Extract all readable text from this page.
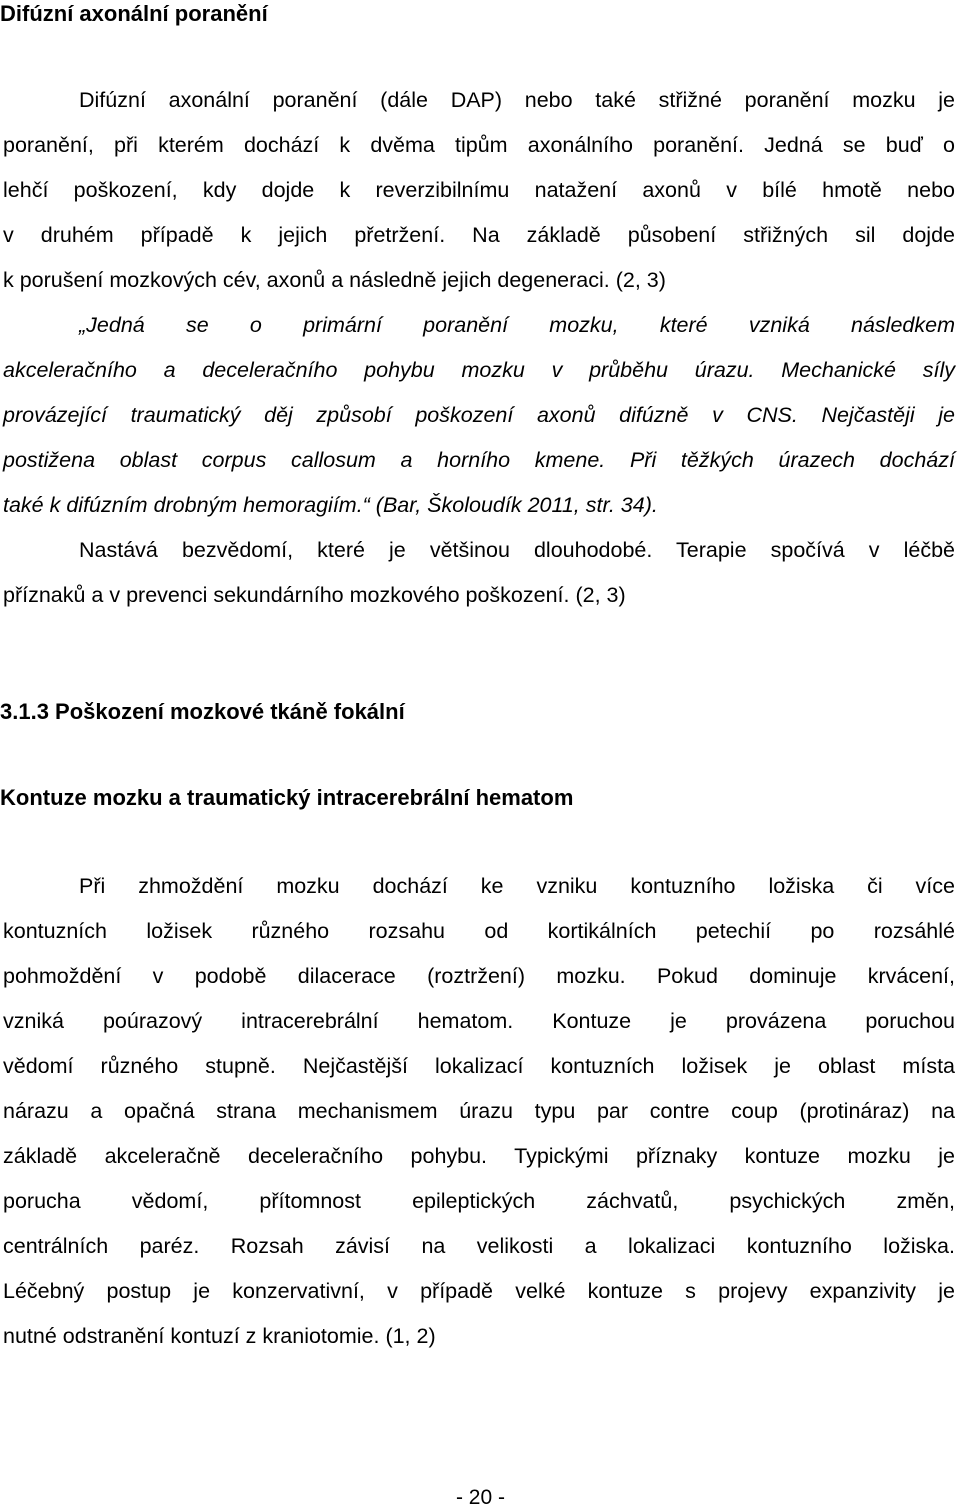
Difúzní axonální poranění
Difúzní axonální poranění (dále DAP) nebo také střižné poranění mozku je
poranění, při kterém dochází k dvěma tipům axonálního poranění. Jedná se buď o
lehčí poškození, kdy dojde k reverzibilnímu natažení axonů v bílé hmotě nebo
v druhém případě k jejich přetržení. Na základě působení střižných sil dojde
k porušení mozkových cév, axonů a následně jejich degeneraci. (2, 3)
„Jedná se o primární poranění mozku, které vzniká následkem
akceleračního a deceleračního pohybu mozku v průběhu úrazu. Mechanické síly
provázející traumatický děj způsobí poškození axonů difúzně v CNS. Nejčastěji je
postižena oblast corpus callosum a horního kmene. Při těžkých úrazech dochází
také k difúzním drobným hemoragiím.“ (Bar, Školoudík 2011, str. 34).
Nastává bezvědomí, které je většinou dlouhodobé. Terapie spočívá v léčbě
příznaků a v prevenci sekundárního mozkového poškození. (2, 3)
3.1.3 Poškození mozkové tkáně fokální
Kontuze mozku a traumatický intracerebrální hematom
Při zhmoždění mozku dochází ke vzniku kontuzního ložiska či více
kontuzních ložisek různého rozsahu od kortikálních petechií po rozsáhlé
pohmoždění v podobě dilacerace (roztržení) mozku. Pokud dominuje krvácení,
vzniká poúrazový intracerebrální hematom. Kontuze je provázena poruchou
vědomí různého stupně. Nejčastější lokalizací kontuzních ložisek je oblast místa
nárazu a opačná strana mechanismem úrazu typu par contre coup (protináraz) na
základě akceleračně deceleračního pohybu. Typickými příznaky kontuze mozku je
porucha vědomí, přítomnost epileptických záchvatů, psychických změn,
centrálních paréz. Rozsah závisí na velikosti a lokalizaci kontuzního ložiska.
Léčebný postup je konzervativní, v případě velké kontuze s projevy expanzivity je
nutné odstranění kontuzí z kraniotomie. (1, 2)
- 20 -
